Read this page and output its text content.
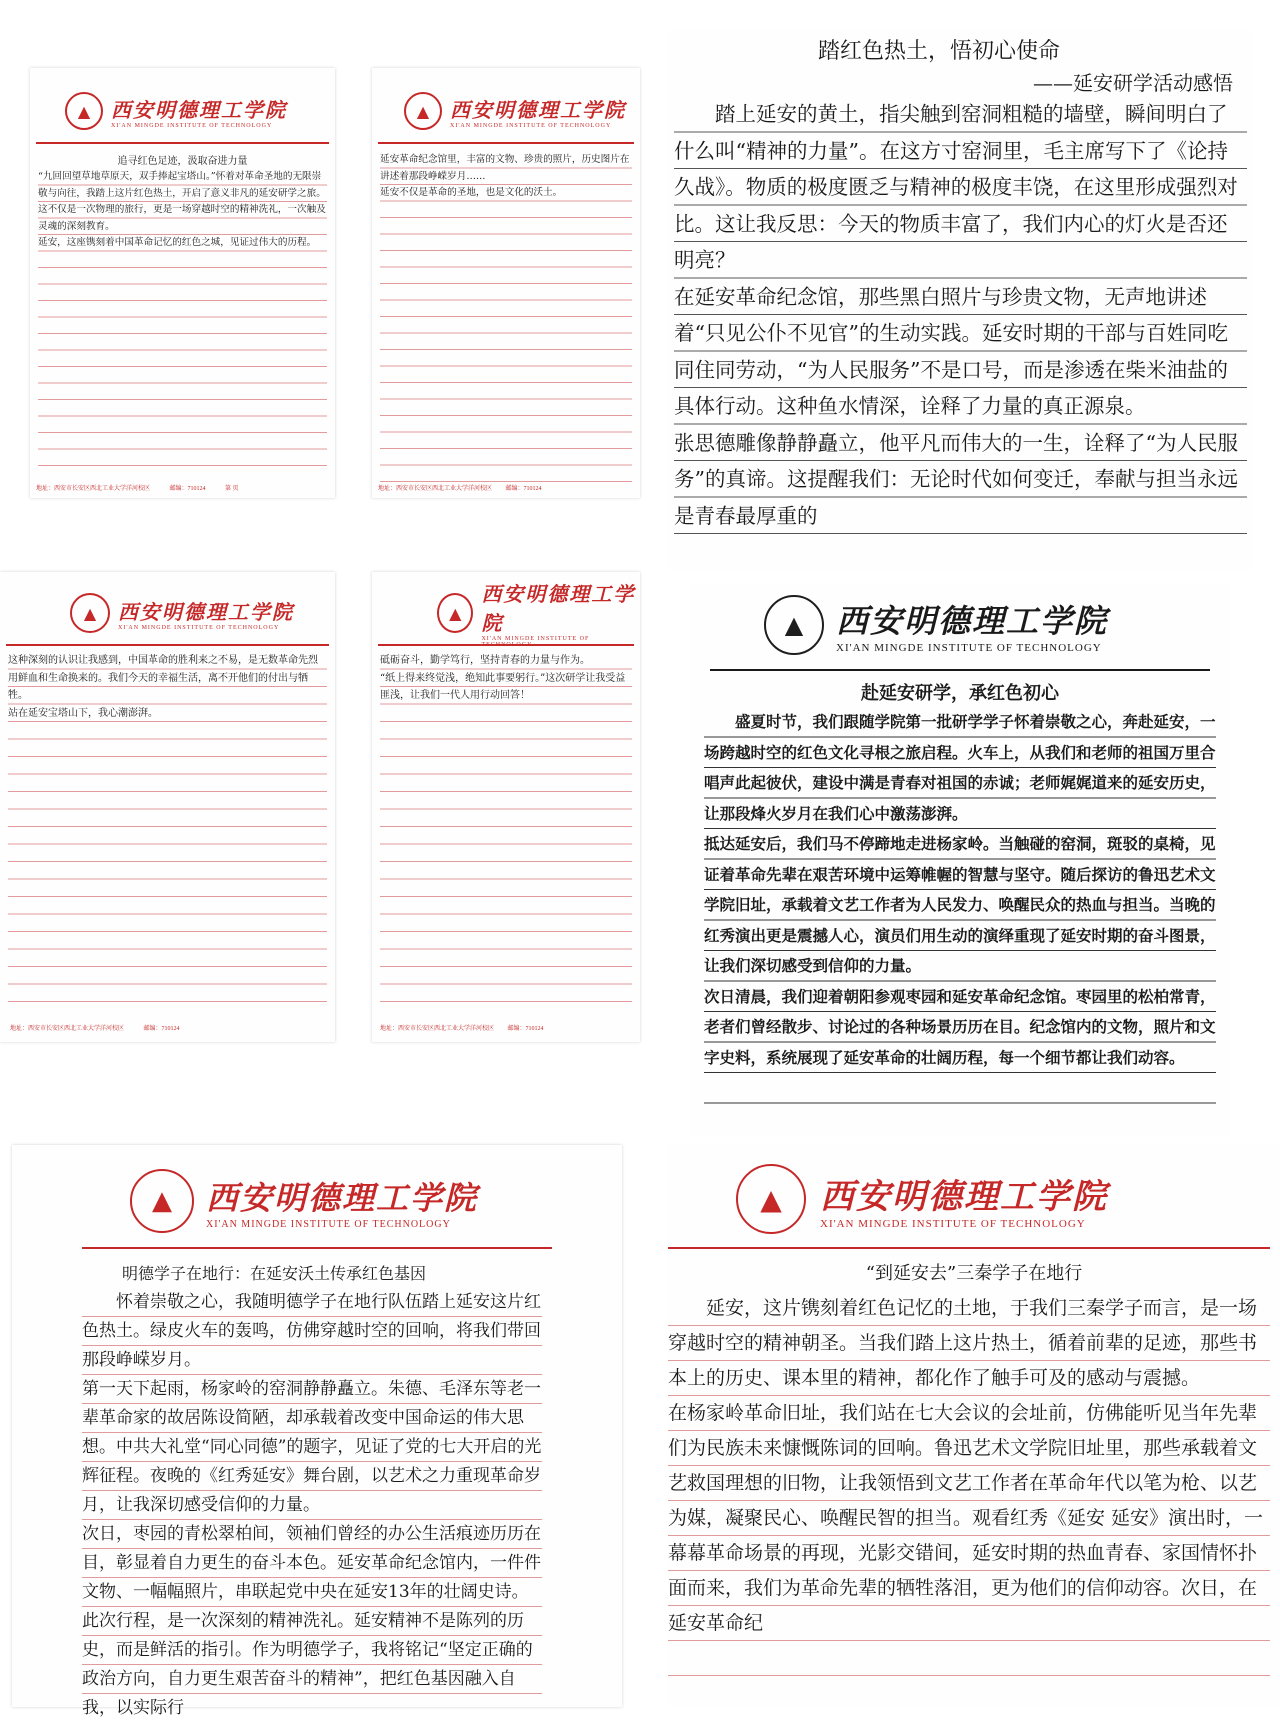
▲	西安明德理工学院
XI'AN MINGDE INSTITUTE OF TECHNOLOGY
追寻红色足迹，汲取奋进力量
“九回回望草地草原天，双手捧起宝塔山。”怀着对革命圣地的无限崇敬与向往，我踏上这片红色热土，开启了意义非凡的延安研学之旅。这不仅是一次物理的旅行，更是一场穿越时空的精神洗礼，一次触及灵魂的深刻教育。
延安，这座镌刻着中国革命记忆的红色之城，见证过伟大的历程。
地址：西安市长安区西北工业大学洋河校区	邮编：710124	第 页
▲	西安明德理工学院
XI'AN MINGDE INSTITUTE OF TECHNOLOGY
延安革命纪念馆里，丰富的文物、珍贵的照片，历史图片在讲述着那段峥嵘岁月……
延安不仅是革命的圣地，也是文化的沃土。
地址：西安市长安区西北工业大学洋河校区 邮编：710124
▲	西安明德理工学院
XI'AN MINGDE INSTITUTE OF TECHNOLOGY
这种深刻的认识让我感到，中国革命的胜利来之不易，是无数革命先烈用鲜血和生命换来的。我们今天的幸福生活，离不开他们的付出与牺牲。
站在延安宝塔山下，我心潮澎湃。
地址：西安市长安区西北工业大学洋河校区	邮编：710124
▲
西安明德理工学院
XI'AN MINGDE INSTITUTE OF TECHNOLOGY
砥砺奋斗，勤学笃行，坚持青春的力量与作为。
“纸上得来终觉浅，绝知此事要躬行。”这次研学让我受益匪浅，让我们一代人用行动回答！
地址：西安市长安区西北工业大学洋河校区 邮编：710124
踏红色热土，悟初心使命
——延安研学活动感悟
踏上延安的黄土，指尖触到窑洞粗糙的墙壁，瞬间明白了什么叫“精神的力量”。在这方寸窑洞里，毛主席写下了《论持久战》。物质的极度匮乏与精神的极度丰饶，在这里形成强烈对比。这让我反思：今天的物质丰富了，我们内心的灯火是否还明亮？
在延安革命纪念馆，那些黑白照片与珍贵文物，无声地讲述着“只见公仆不见官”的生动实践。延安时期的干部与百姓同吃同住同劳动，“为人民服务”不是口号，而是渗透在柴米油盐的具体行动。这种鱼水情深，诠释了力量的真正源泉。
张思德雕像静静矗立，他平凡而伟大的一生，诠释了“为人民服务”的真谛。这提醒我们：无论时代如何变迁，奉献与担当永远是青春最厚重的
▲	西安明德理工学院
XI'AN MINGDE INSTITUTE OF TECHNOLOGY
赴延安研学，承红色初心
盛夏时节，我们跟随学院第一批研学学子怀着崇敬之心，奔赴延安，一场跨越时空的红色文化寻根之旅启程。火车上，从我们和老师的祖国万里合唱声此起彼伏，建设中满是青春对祖国的赤诚；老师娓娓道来的延安历史，让那段烽火岁月在我们心中激荡澎湃。
抵达延安后，我们马不停蹄地走进杨家岭。当触碰的窑洞，斑驳的桌椅，见证着革命先辈在艰苦环境中运筹帷幄的智慧与坚守。随后探访的鲁迅艺术文学院旧址，承载着文艺工作者为人民发力、唤醒民众的热血与担当。当晚的红秀演出更是震撼人心，演员们用生动的演绎重现了延安时期的奋斗图景，让我们深切感受到信仰的力量。
次日清晨，我们迎着朝阳参观枣园和延安革命纪念馆。枣园里的松柏常青，老者们曾经散步、讨论过的各种场景历历在目。纪念馆内的文物，照片和文字史料，系统展现了延安革命的壮阔历程，每一个细节都让我们动容。
▲	西安明德理工学院
XI'AN MINGDE INSTITUTE OF TECHNOLOGY
明德学子在地行：在延安沃土传承红色基因
怀着崇敬之心，我随明德学子在地行队伍踏上延安这片红色热土。绿皮火车的轰鸣，仿佛穿越时空的回响，将我们带回那段峥嵘岁月。
第一天下起雨，杨家岭的窑洞静静矗立。朱德、毛泽东等老一辈革命家的故居陈设简陋，却承载着改变中国命运的伟大思想。中共大礼堂“同心同德”的题字，见证了党的七大开启的光辉征程。夜晚的《红秀延安》舞台剧，以艺术之力重现革命岁月，让我深切感受信仰的力量。
次日，枣园的青松翠柏间，领袖们曾经的办公生活痕迹历历在目，彰显着自力更生的奋斗本色。延安革命纪念馆内，一件件文物、一幅幅照片，串联起党中央在延安13年的壮阔史诗。
此次行程，是一次深刻的精神洗礼。延安精神不是陈列的历史，而是鲜活的指引。作为明德学子，我将铭记“坚定正确的政治方向，自力更生艰苦奋斗的精神”，把红色基因融入自我，以实际行
▲	西安明德理工学院
XI'AN MINGDE INSTITUTE OF TECHNOLOGY
“到延安去”三秦学子在地行
延安，这片镌刻着红色记忆的土地，于我们三秦学子而言，是一场穿越时空的精神朝圣。当我们踏上这片热土，循着前辈的足迹，那些书本上的历史、课本里的精神，都化作了触手可及的感动与震撼。
在杨家岭革命旧址，我们站在七大会议的会址前，仿佛能听见当年先辈们为民族未来慷慨陈词的回响。鲁迅艺术文学院旧址里，那些承载着文艺救国理想的旧物，让我领悟到文艺工作者在革命年代以笔为枪、以艺为媒，凝聚民心、唤醒民智的担当。观看红秀《延安 延安》演出时，一幕幕革命场景的再现，光影交错间，延安时期的热血青春、家国情怀扑面而来，我们为革命先辈的牺牲落泪，更为他们的信仰动容。次日，在延安革命纪
